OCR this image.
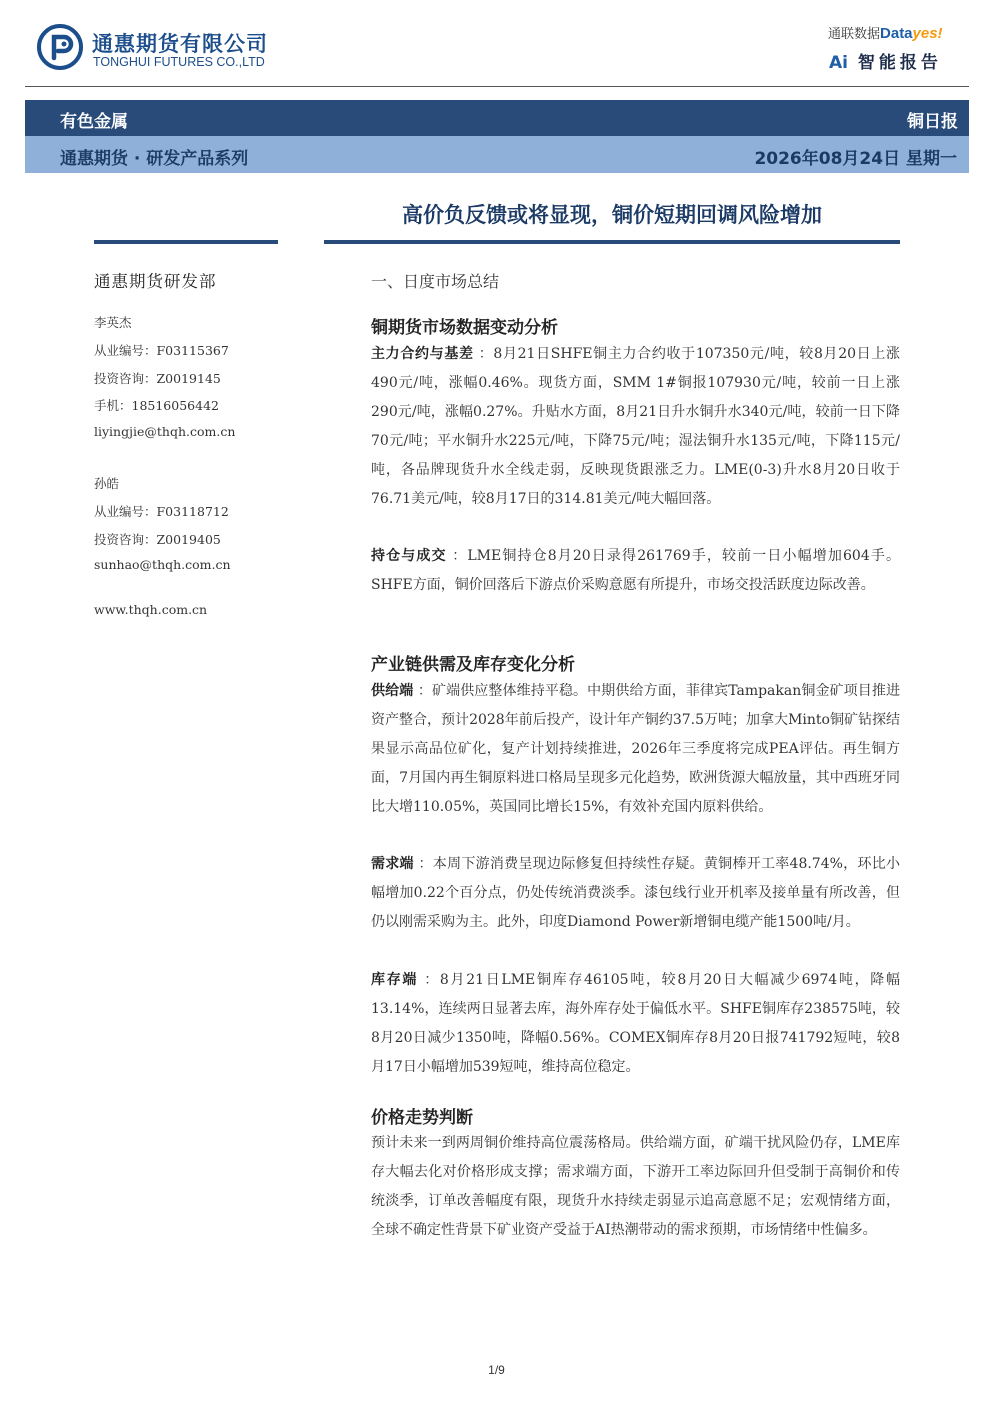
通惠期货有限公司
TONGHUI FUTURES CO.,LTD
通联数据Datayes!
Ai 智能报告
有色金属	铜日报
通惠期货 · 研发产品系列	2026年08月24日 星期一
高价负反馈或将显现，铜价短期回调风险增加
通惠期货研发部
李英杰
从业编号：F03115367
投资咨询：Z0019145
手机：18516056442
liyingjie@thqh.com.cn
孙皓
从业编号：F03118712
投资咨询：Z0019405
sunhao@thqh.com.cn
www.thqh.com.cn
一、日度市场总结
铜期货市场数据变动分析

主力合约与基差 ：8月21日SHFE铜主力合约收于107350元/吨，较8月20日上涨490元/吨，涨幅0.46%。现货方面，SMM 1#铜报107930元/吨，较前一日上涨290元/吨，涨幅0.27%。升贴水方面，8月21日升水铜升水340元/吨，较前一日下降70元/吨；平水铜升水225元/吨，下降75元/吨；湿法铜升水135元/吨，下降115元/吨，各品牌现货升水全线走弱，反映现货跟涨乏力。LME(0-3)升水8月20日收于76.71美元/吨，较8月17日的314.81美元/吨大幅回落。

持仓与成交 ：LME铜持仓8月20日录得261769手，较前一日小幅增加604手。SHFE方面，铜价回落后下游点价采购意愿有所提升，市场交投活跃度边际改善。

产业链供需及库存变化分析

供给端 ：矿端供应整体维持平稳。中期供给方面，菲律宾Tampakan铜金矿项目推进资产整合，预计2028年前后投产，设计年产铜约37.5万吨；加拿大Minto铜矿钻探结果显示高品位矿化，复产计划持续推进，2026年三季度将完成PEA评估。再生铜方面，7月国内再生铜原料进口格局呈现多元化趋势，欧洲货源大幅放量，其中西班牙同比大增110.05%，英国同比增长15%，有效补充国内原料供给。

需求端 ：本周下游消费呈现边际修复但持续性存疑。黄铜棒开工率48.74%，环比小幅增加0.22个百分点，仍处传统消费淡季。漆包线行业开机率及接单量有所改善，但仍以刚需采购为主。此外，印度Diamond Power新增铜电缆产能1500吨/月。

库存端 ：8月21日LME铜库存46105吨，较8月20日大幅减少6974吨，降幅13.14%，连续两日显著去库，海外库存处于偏低水平。SHFE铜库存238575吨，较8月20日减少1350吨，降幅0.56%。COMEX铜库存8月20日报741792短吨，较8月17日小幅增加539短吨，维持高位稳定。

价格走势判断

预计未来一到两周铜价维持高位震荡格局。供给端方面，矿端干扰风险仍存，LME库存大幅去化对价格形成支撑；需求端方面，下游开工率边际回升但受制于高铜价和传统淡季，订单改善幅度有限，现货升水持续走弱显示追高意愿不足；宏观情绪方面，全球不确定性背景下矿业资产受益于AI热潮带动的需求预期，市场情绪中性偏多。

1/9
